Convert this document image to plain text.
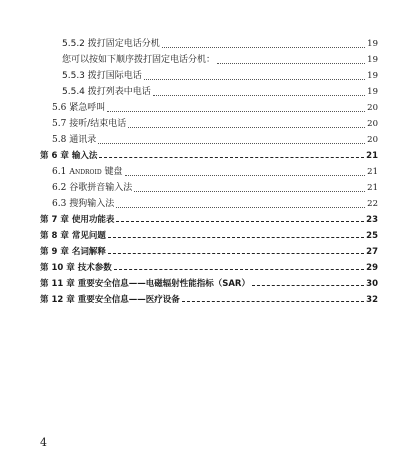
5.5.2 拨打固定电话分机	19
您可以按如下顺序拨打固定电话分机：	19
5.5.3 拨打国际电话	19
5.5.4 拨打列表中电话	19
5.6 紧急呼叫	20
5.7 接听/结束电话	20
5.8 通讯录	20
第 6 章 输入法	21
6.1 Android 键盘	21
6.2 谷歌拼音输入法	21
6.3 搜狗输入法	22
第 7 章 使用功能表	23
第 8 章 常见问题	25
第 9 章 名词解释	27
第 10 章 技术参数	29
第 11 章 重要安全信息——电磁辐射性能指标（SAR）	30
第 12 章 重要安全信息——医疗设备	32
4
